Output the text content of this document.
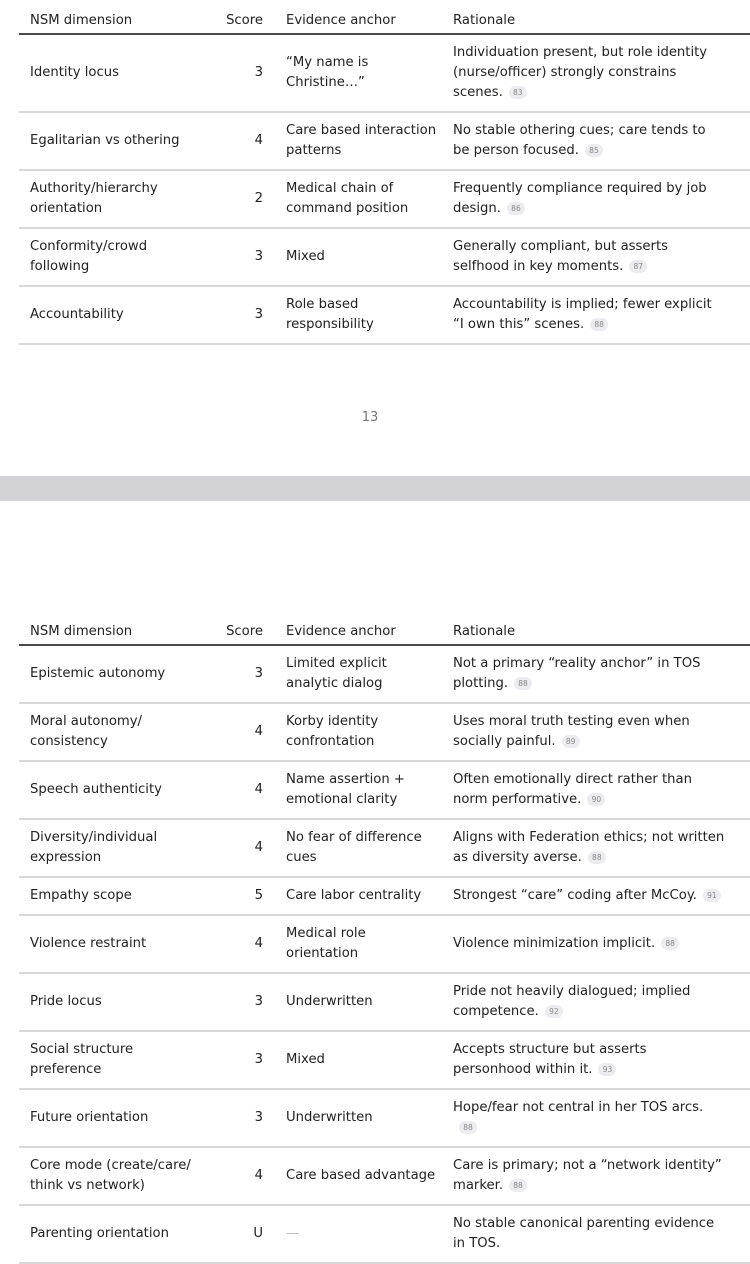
NSM dimension	Score	Evidence anchor	Rationale
Identity locus	3	“My name is Christine…”	Individuation present, but role identity (nurse/officer) strongly constrains scenes. 83
Egalitarian vs othering	4	Care based interaction patterns	No stable othering cues; care tends to be person focused. 85
Authority/hierarchy orientation	2	Medical chain of command position	Frequently compliance required by job design. 86
Conformity/crowd following	3	Mixed	Generally compliant, but asserts selfhood in key moments. 87
Accountability	3	Role based responsibility	Accountability is implied; fewer explicit “I own this” scenes. 88
13
NSM dimension	Score	Evidence anchor	Rationale
Epistemic autonomy	3	Limited explicit analytic dialog	Not a primary “reality anchor” in TOS plotting. 88
Moral autonomy/ consistency	4	Korby identity confrontation	Uses moral truth testing even when socially painful. 89
Speech authenticity	4	Name assertion + emotional clarity	Often emotionally direct rather than norm performative. 90
Diversity/individual expression	4	No fear of difference cues	Aligns with Federation ethics; not written as diversity averse. 88
Empathy scope	5	Care labor centrality	Strongest “care” coding after McCoy. 91
Violence restraint	4	Medical role orientation	Violence minimization implicit. 88
Pride locus	3	Underwritten	Pride not heavily dialogued; implied competence. 92
Social structure preference	3	Mixed	Accepts structure but asserts personhood within it. 93
Future orientation	3	Underwritten	Hope/fear not central in her TOS arcs.88
Core mode (create/care/ think vs network)	4	Care based advantage	Care is primary; not a “network identity” marker. 88
Parenting orientation	U	—	No stable canonical parenting evidence in TOS.
